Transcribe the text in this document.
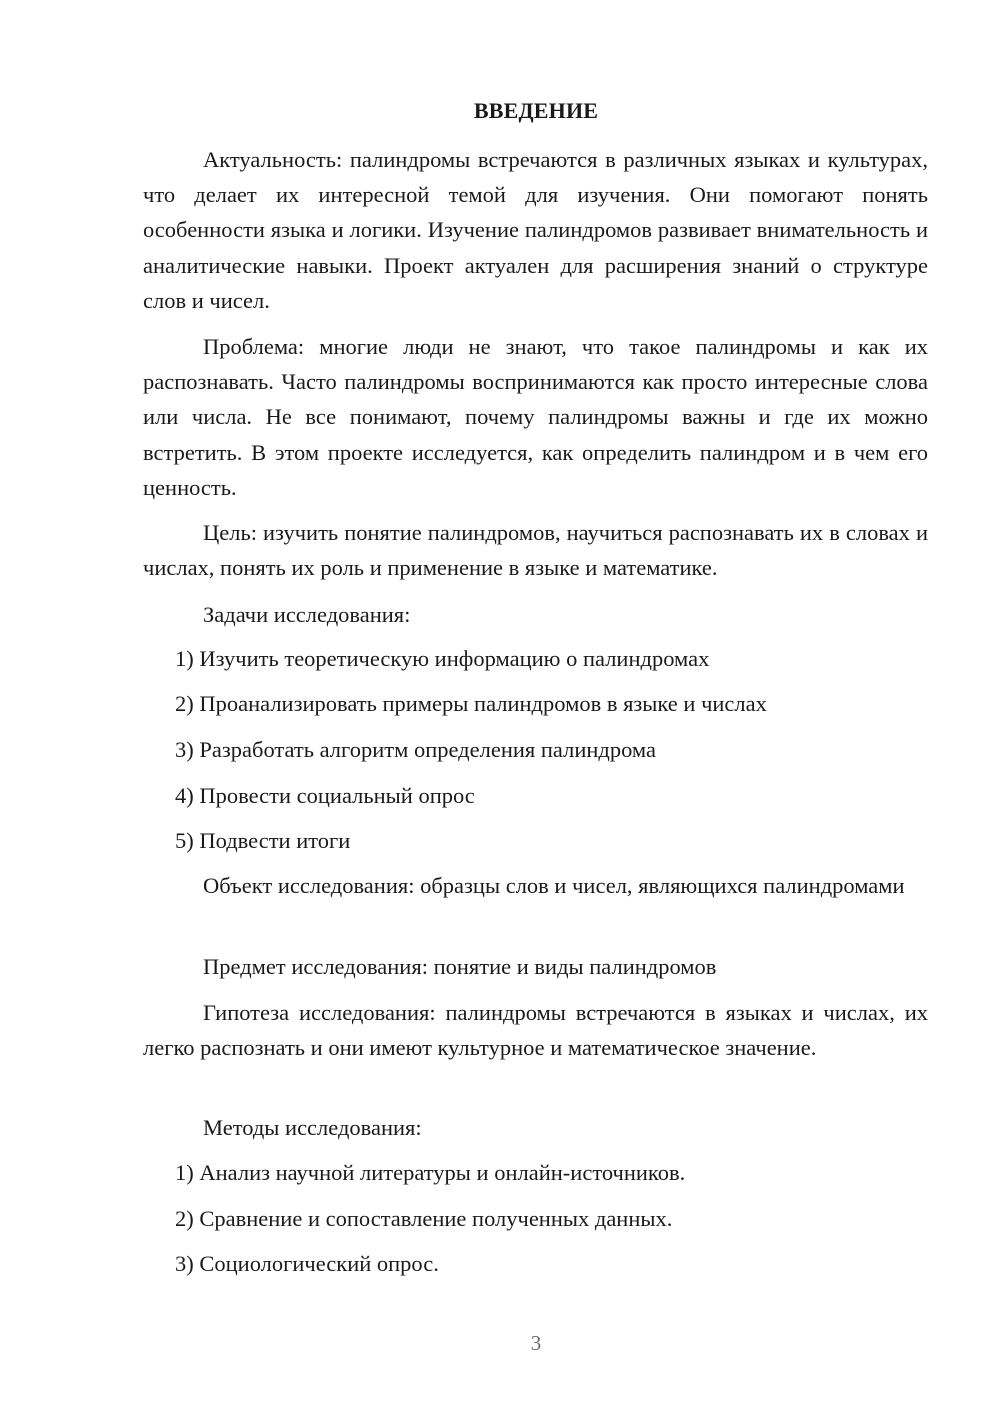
ВВЕДЕНИЕ

Актуальность: палиндромы встречаются в различных языках и культурах, что делает их интересной темой для изучения. Они помогают понять особенности языка и логики. Изучение палиндромов развивает внимательность и аналитические навыки. Проект актуален для расширения знаний о структуре слов и чисел.

Проблема: многие люди не знают, что такое палиндромы и как их распознавать. Часто палиндромы воспринимаются как просто интересные слова или числа. Не все понимают, почему палиндромы важны и где их можно встретить. В этом проекте исследуется, как определить палиндром и в чем его ценность.

Цель: изучить понятие палиндромов, научиться распознавать их в словах и числах, понять их роль и применение в языке и математике.

Задачи исследования:

1) Изучить теоретическую информацию о палиндромах

2) Проанализировать примеры палиндромов в языке и числах

3) Разработать алгоритм определения палиндрома

4) Провести социальный опрос

5) Подвести итоги

Объект исследования: образцы слов и чисел, являющихся палиндромами

Предмет исследования: понятие и виды палиндромов

Гипотеза исследования: палиндромы встречаются в языках и числах, их легко распознать и они имеют культурное и математическое значение.

Методы исследования:

1) Анализ научной литературы и онлайн-источников.

2) Сравнение и сопоставление полученных данных.

3) Социологический опрос.

3
